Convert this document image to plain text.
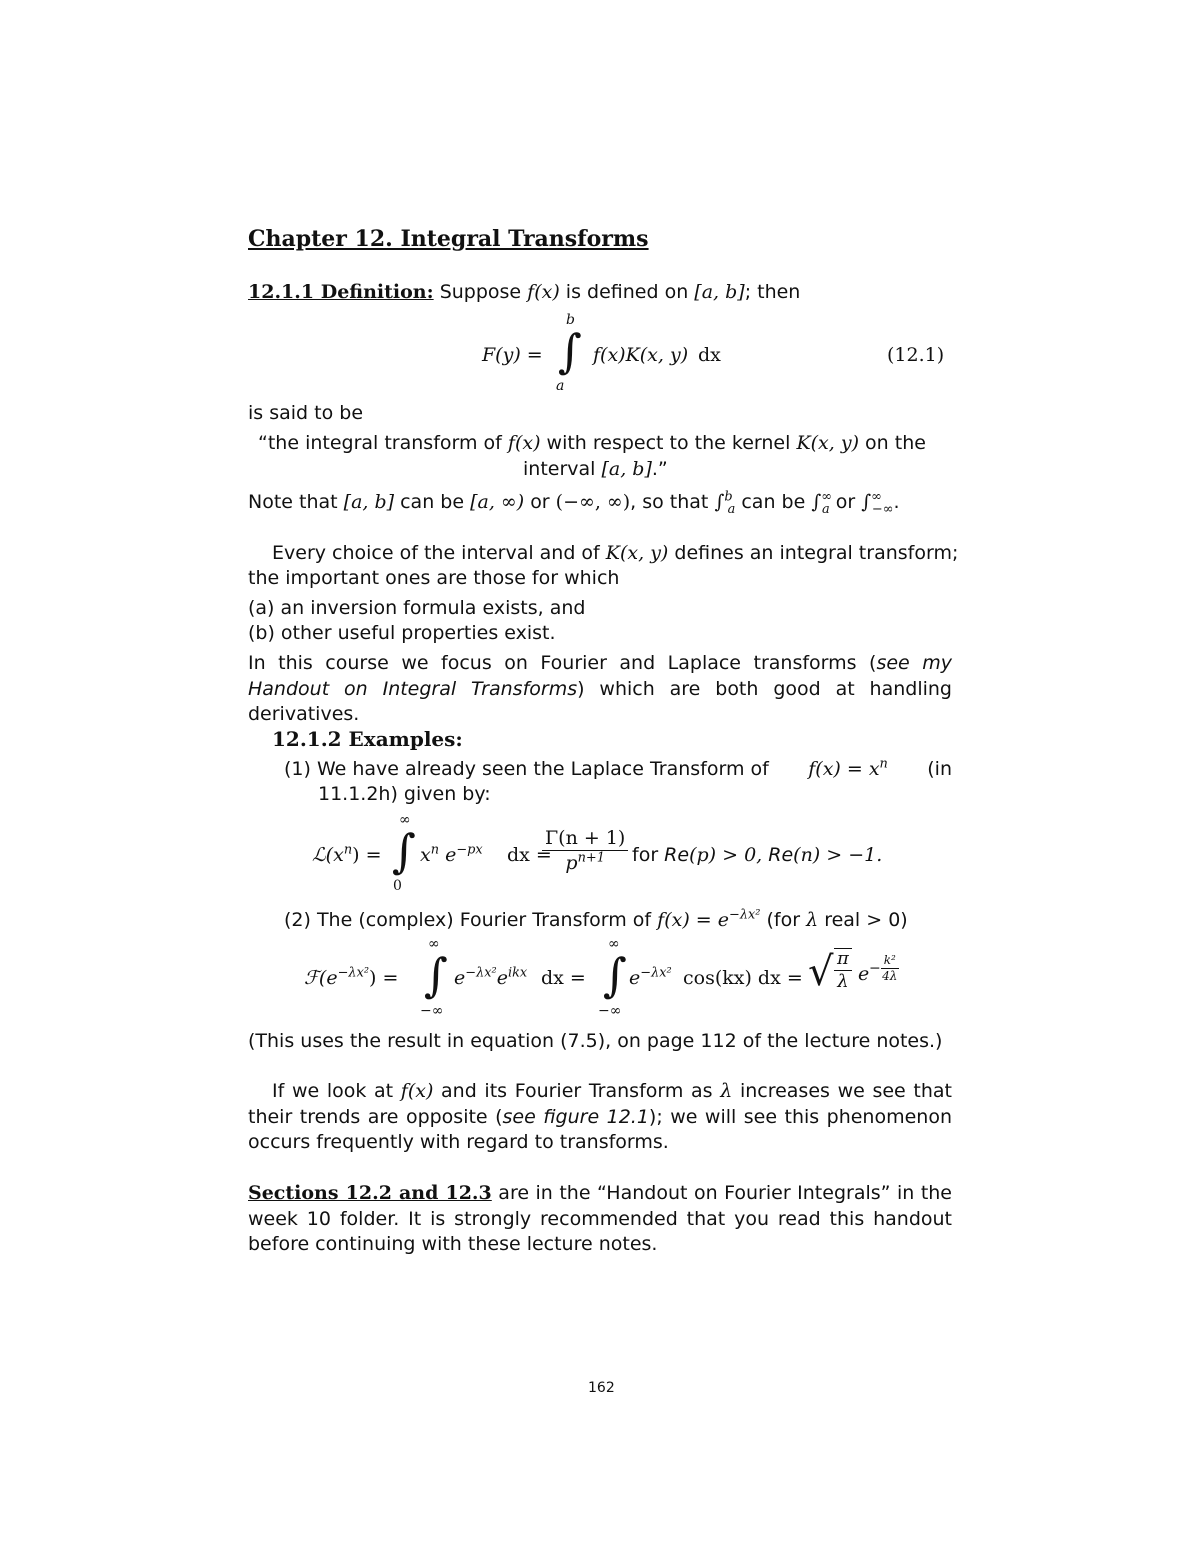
Chapter 12. Integral Transforms
12.1.1 Definition: Suppose f(x) is defined on [a, b]; then
F(y) =
b
∫
a
f(x)K(x, y) dx	(12.1)
is said to be
“the integral transform of f(x) with respect to the kernel K(x, y) on the
interval [a, b].”
Note that [a, b] can be [a, ∞) or (−∞, ∞), so that ∫$^b_a$ can be $\int^\infty_a$ or $\int^\infty_{-\infty}$.
Every choice of the interval and of K(x, y) defines an integral transform;
the important ones are those for which
(a) an inversion formula exists, and
(b) other useful properties exist.
In this course we focus on Fourier and Laplace transforms (see my Handout on Integral Transforms) which are both good at handling derivatives.
12.1.2 Examples:
(1) We have already seen the Laplace Transform of $f(x) = x^n$ (in
11.1.2h) given by:
$ℒ(x^n)$ =
∞
∫
0
$x^n$ $e^{-px}$ dx =
$\frac{\Gamma(n + 1)}{p^{n+1}}$ for Re(p) > 0, Re(n) > −1.
(2) The (complex) Fourier Transform of $f(x) = e^{-\lambda x^2}$ (for λ real > 0)
$ℱ(e^{-\lambda x^2})$ =
∞
∫
−∞
$e^{-\lambda x^2}e^{ikx}$ dx =
∞
∫
−∞
$e^{-\lambda x^2}$ cos(kx) dx = √ $\frac{\pi}{\lambda}$ $e - \frac{\text{k²}}{4\lambda}$
(This uses the result in equation (7.5), on page 112 of the lecture notes.)
If we look at f(x) and its Fourier Transform as λ increases we see that their trends are opposite (see figure 12.1); we will see this phenomenon occurs frequently with regard to transforms.
Sections 12.2 and 12.3 are in the “Handout on Fourier Integrals” in the week 10 folder. It is strongly recommended that you read this handout before continuing with these lecture notes.
162
